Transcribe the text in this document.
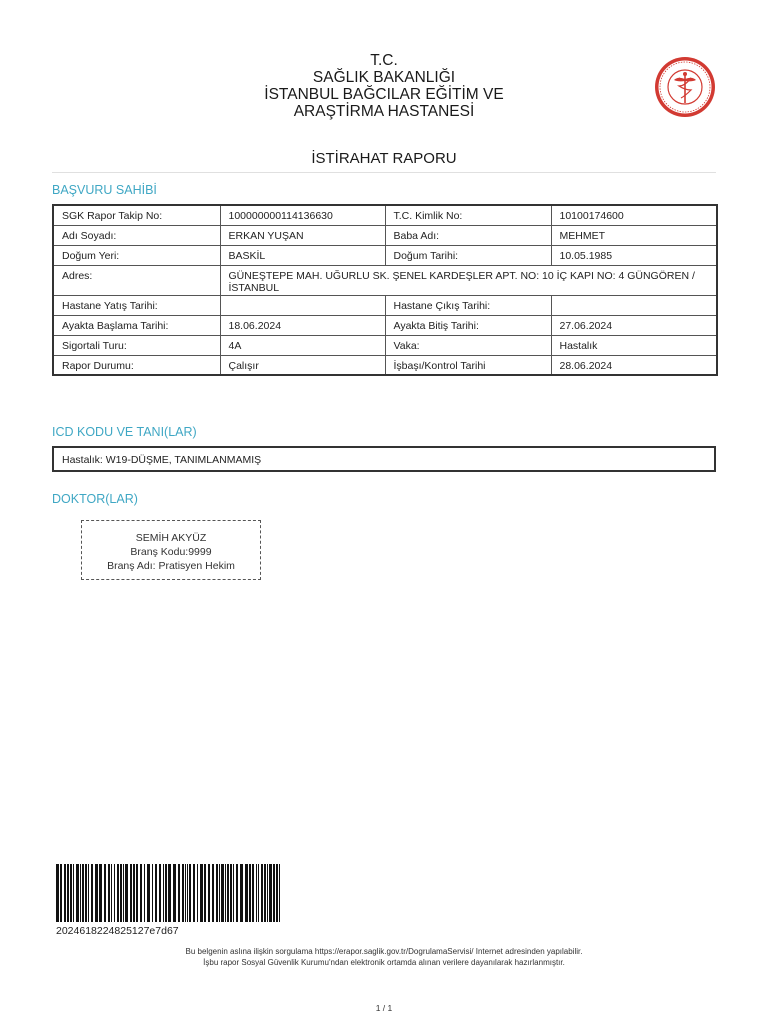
T.C.
SAĞLIK BAKANLIĞI
İSTANBUL BAĞCILAR EĞİTİM VE
ARAŞTİRMA HASTANESİ
İSTİRAHAT RAPORU
BAŞVURU SAHİBİ
SGK Rapor Takip No:	100000000114136630	T.C. Kimlik No:	10100174600
Adı Soyadı:	ERKAN YUŞAN	Baba Adı:	MEHMET
Doğum Yeri:	BASKİL	Doğum Tarihi:	10.05.1985
Adres:	GÜNEŞTEPE MAH. UĞURLU SK. ŞENEL KARDEŞLER APT. NO: 10 İÇ KAPI NO: 4 GÜNGÖREN / İSTANBUL		
Hastane Yatış Tarihi:		Hastane Çıkış Tarihi:	
Ayakta Başlama Tarihi:	18.06.2024	Ayakta Bitiş Tarihi:	27.06.2024
Sigortali Turu:	4A	Vaka:	Hastalık
Rapor Durumu:	Çalışır	İşbaşı/Kontrol Tarihi	28.06.2024
ICD KODU VE TANI(LAR)
Hastalık: W19-DÜŞME, TANIMLANMAMIŞ
DOKTOR(LAR)
SEMİH AKYÜZ
Branş Kodu:9999
Branş Adı: Pratisyen Hekim
2024618224825127e7d67
Bu belgenin aslına ilişkin sorgulama https://erapor.saglik.gov.tr/DogrulamaServisi/ Internet adresinden yapılabilir.
İşbu rapor Sosyal Güvenlik Kurumu'ndan elektronik ortamda alınan verilere dayanılarak hazırlanmıştır.
1 / 1
